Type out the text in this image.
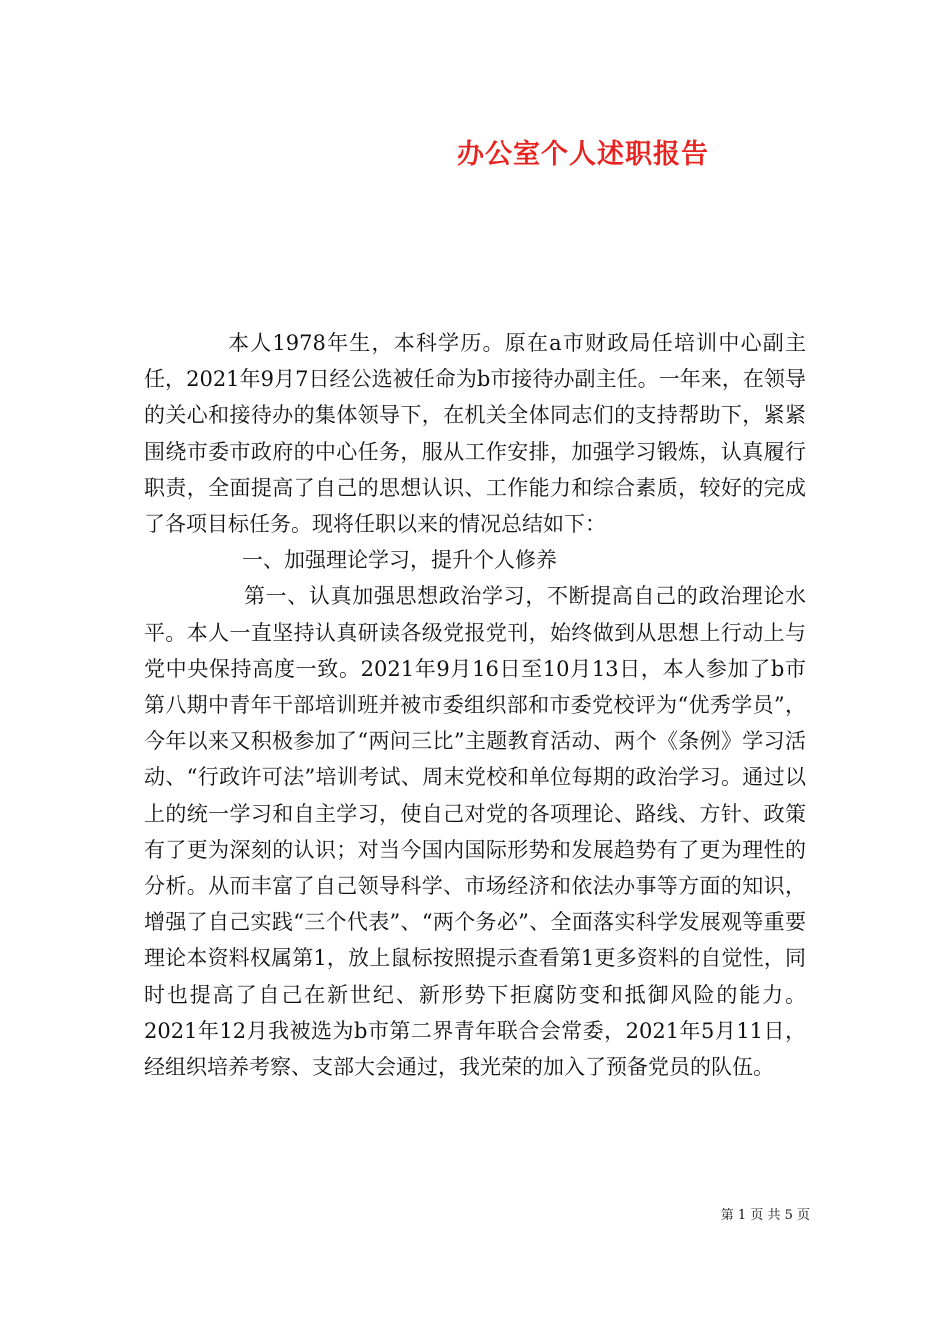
办公室个人述职报告

本人1978年生，本科学历。原在a市财政局任培训中心副主任，2021年9月7日经公选被任命为b市接待办副主任。一年来，在领导的关心和接待办的集体领导下，在机关全体同志们的支持帮助下，紧紧围绕市委市政府的中心任务，服从工作安排，加强学习锻炼，认真履行职责，全面提高了自己的思想认识、工作能力和综合素质，较好的完成了各项目标任务。现将任职以来的情况总结如下：

一、加强理论学习，提升个人修养

第一、认真加强思想政治学习，不断提高自己的政治理论水平。本人一直坚持认真研读各级党报党刊，始终做到从思想上行动上与党中央保持高度一致。2021年9月16日至10月13日，本人参加了b市第八期中青年干部培训班并被市委组织部和市委党校评为“优秀学员”，今年以来又积极参加了“两问三比”主题教育活动、两个《条例》学习活动、“行政许可法”培训考试、周末党校和单位每期的政治学习。通过以上的统一学习和自主学习，使自己对党的各项理论、路线、方针、政策有了更为深刻的认识；对当今国内国际形势和发展趋势有了更为理性的分析。从而丰富了自己领导科学、市场经济和依法办事等方面的知识，增强了自己实践“三个代表”、“两个务必”、全面落实科学发展观等重要理论本资料权属第1，放上鼠标按照提示查看第1更多资料的自觉性，同时也提高了自己在新世纪、新形势下拒腐防变和抵御风险的能力。2021年12月我被选为b市第二界青年联合会常委，2021年5月11日，经组织培养考察、支部大会通过，我光荣的加入了预备党员的队伍。

第 1 页 共 5 页
